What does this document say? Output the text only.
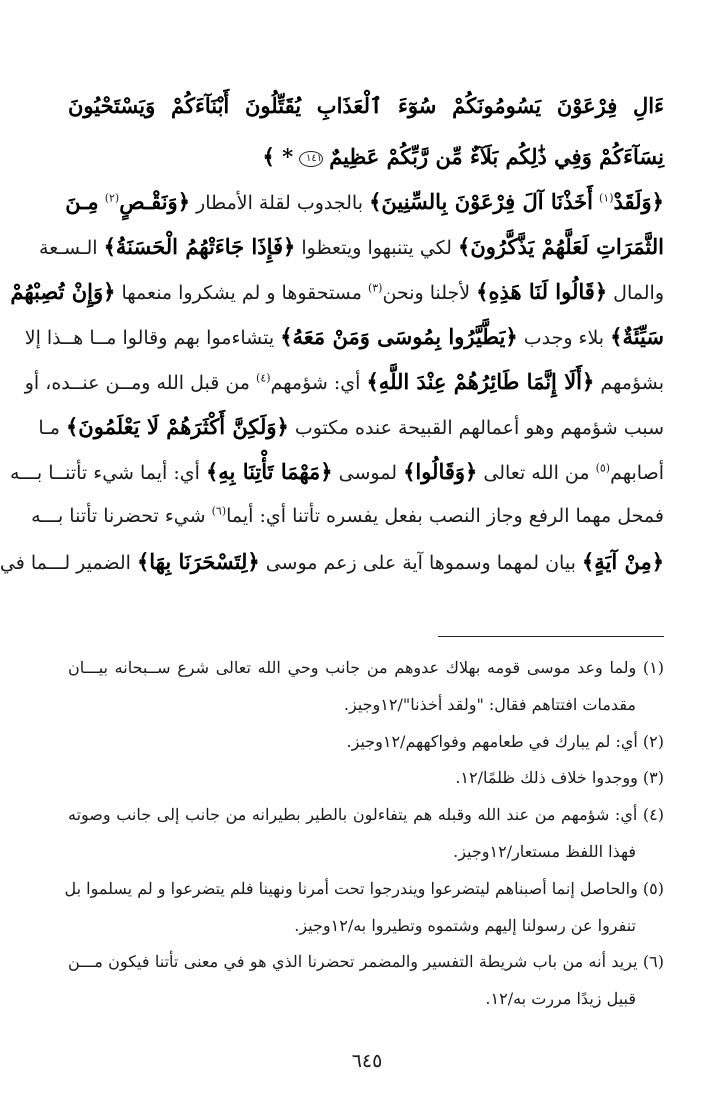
ءَالِ فِرْعَوْنَ يَسُومُونَكُمْ سُوٓءَ ٱلْعَذَابِ يُقَتِّلُونَ أَبْنَآءَكُمْ وَيَسْتَحْيُونَ
نِسَآءَكُمْ وَفِي ذَٰلِكُم بَلَآءٌ مِّن رَّبِّكُمْ عَظِيمٌ ١٤١ * ﴾
﴿وَلَقَدْ$^{(١)}$ أَخَذْنَا آلَ فِرْعَوْنَ بِالسِّنِينَ﴾ بالجدوب لقلة الأمطار ﴿وَنَقْـصٍ$^{(٢)}$ مِـنَ
الثَّمَرَاتِ لَعَلَّهُمْ يَذَّكَّرُونَ﴾ لكي يتنبهوا ويتعظوا ﴿فَإِذَا جَاءَتْهُمُ الْحَسَنَةُ﴾ الـسـعة
والمال ﴿قَالُوا لَنَا هَذِهِ﴾ لأجلنا ونحن$^{(٣)}$ مستحقوها و لم يشكروا منعمها ﴿وَإِنْ تُصِبْهُمْ
سَيِّئَةٌ﴾ بلاء وجدب ﴿يَطَّيَّرُوا بِمُوسَى وَمَنْ مَعَهُ﴾ يتشاءموا بهم وقالوا مــا هــذا إلا
بشؤمهم ﴿أَلَا إِنَّمَا طَائِرُهُمْ عِنْدَ اللَّهِ﴾ أي: شؤمهم$^{(٤)}$ من قبل الله ومــن عنــده، أو
سبب شؤمهم وهو أعمالهم القبيحة عنده مكتوب ﴿وَلَكِنَّ أَكْثَرَهُمْ لَا يَعْلَمُونَ﴾ مـا
أصابهم$^{(٥)}$ من الله تعالى ﴿وَقَالُوا﴾ لموسى ﴿مَهْمَا تَأْتِنَا بِهِ﴾ أي: أيما شيء تأتنــا بـــه
فمحل مهما الرفع وجاز النصب بفعل يفسره تأتنا أي: أيما$^{(٦)}$ شيء تحضرنا تأتنا بـــه
﴿مِنْ آيَةٍ﴾ بيان لمهما وسموها آية على زعم موسى ﴿لِتَسْحَرَنَا بِهَا﴾ الضمير لـــما في
(١) ولما وعد موسى قومه بهلاك عدوهم من جانب وحي الله تعالى شرع ســبحانه بيـــان
مقدمات افتتاهم فقال: "ولقد أخذنا"/١٢وجيز.
(٢) أي: لم يبارك في طعامهم وفواكههم/١٢وجيز.
(٣) ووجدوا خلاف ذلك ظلمًا/١٢.
(٤) أي: شؤمهم من عند الله وقبله هم يتفاءلون بالطير بطيرانه من جانب إلى جانب وصوته
فهذا اللفظ مستعار/١٢وجيز.
(٥) والحاصل إنما أصبناهم ليتضرعوا ويندرجوا تحت أمرنا ونهينا فلم يتضرعوا و لم يسلموا بل
تنفروا عن رسولنا إليهم وشتموه وتطيروا به/١٢وجيز.
(٦) يريد أنه من باب شريطة التفسير والمضمر تحضرنا الذي هو في معنى تأتنا فيكون مـــن
قبيل زيدًا مررت به/١٢.
٦٤٥
